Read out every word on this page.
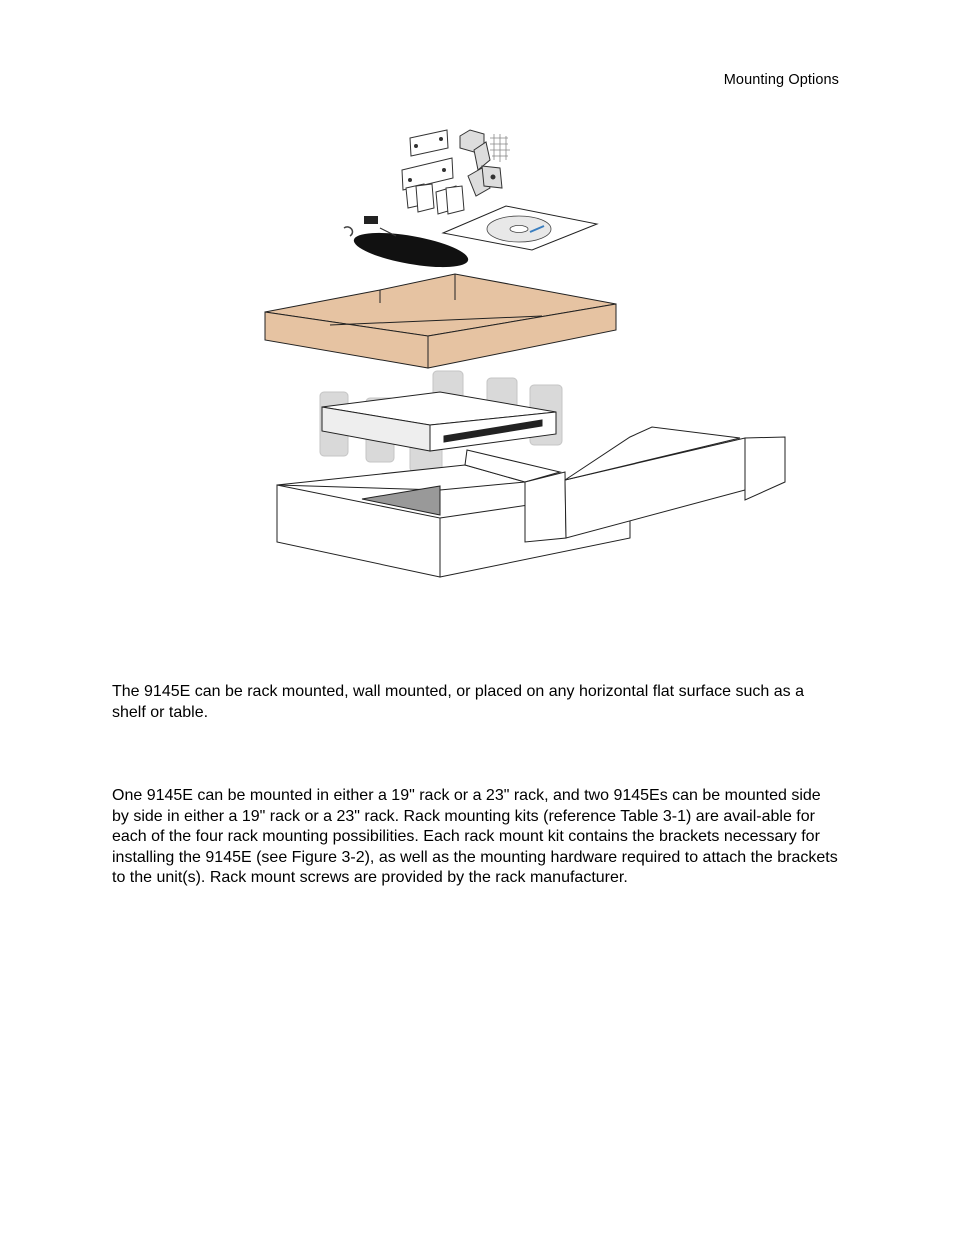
Mounting Options

The 9145E can be rack mounted, wall mounted, or placed on any horizontal flat surface such as a shelf or table.

One 9145E can be mounted in either a 19" rack or a 23" rack, and two 9145Es can be mounted side by side in either a 19" rack or a 23" rack. Rack mounting kits (reference Table 3-1) are avail-able for each of the four rack mounting possibilities. Each rack mount kit contains the brackets necessary for installing the 9145E (see Figure 3-2), as well as the mounting hardware required to attach the brackets to the unit(s). Rack mount screws are provided by the rack manufacturer.
